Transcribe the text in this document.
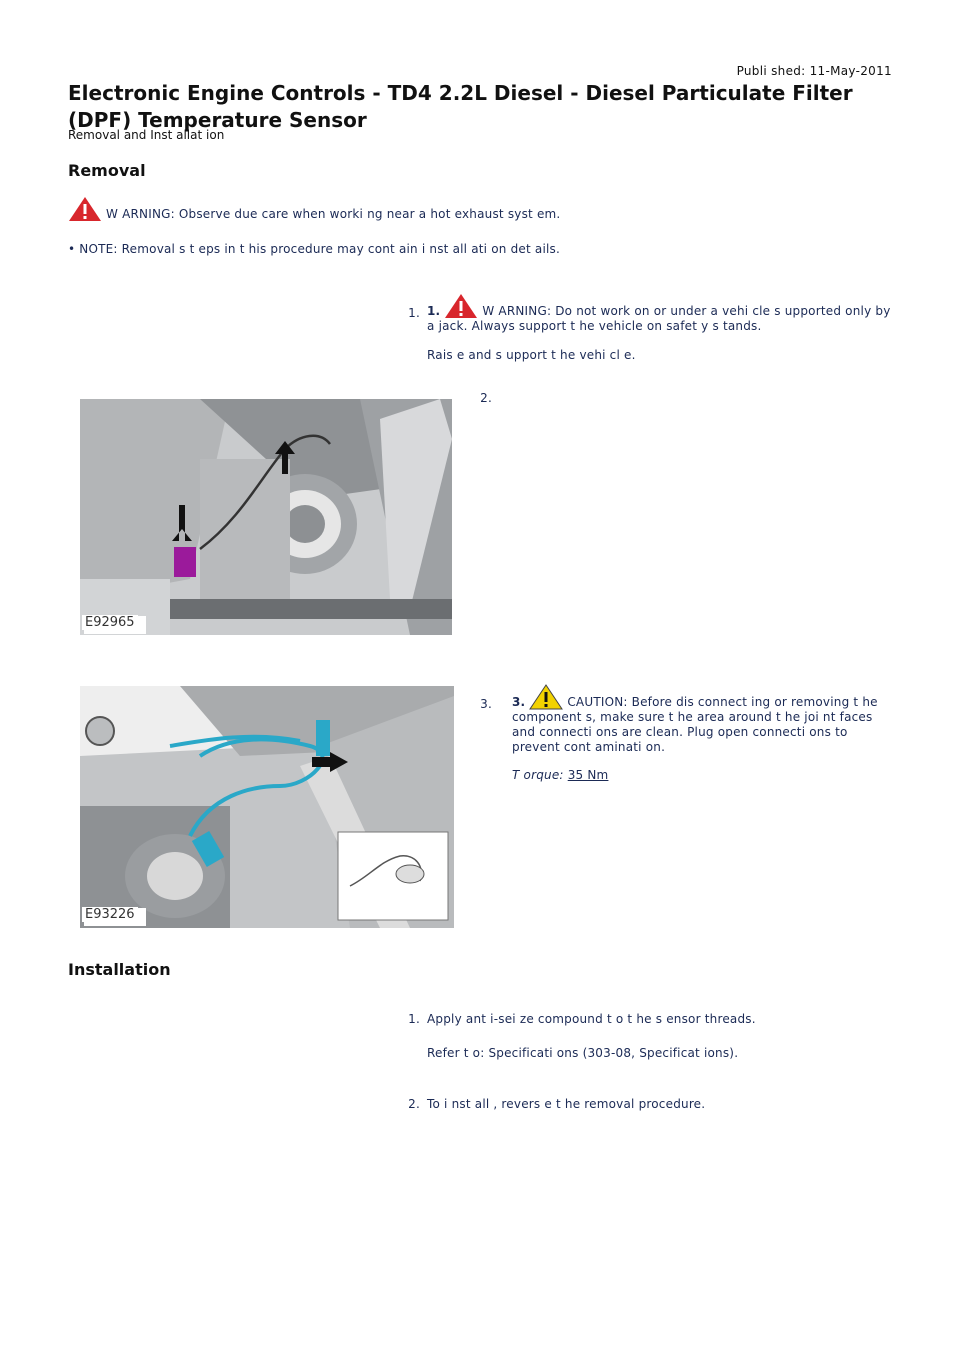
Publi shed: 11-May-2011
Electronic Engine Controls - TD4 2.2L Diesel - Diesel Particulate Filter (DPF) Temperature Sensor
Removal and Inst allat ion
Removal
W ARNING: Observe due care when worki ng near a hot exhaust syst em.
• NOTE: Removal s t eps in t his procedure may cont ain i nst all ati on det ails.
1. 1.	W ARNING: Do not work on or under a vehi cle s upported only by a jack. Always support t he vehicle on safet y s tands.
Rais e and s upport t he vehi cl e.
2.
E92965
3. 3.	CAUTION: Before dis connect ing or removing t he component s, make sure t he area around t he joi nt faces and connecti ons are clean. Plug open connecti ons to prevent cont aminati on.
T orque: 35 Nm
E93226
Installation
1. Apply ant i-sei ze compound t o t he s ensor threads.
Refer t o: Specificati ons (303-08, Specificat ions).
2. To i nst all , revers e t he removal procedure.
